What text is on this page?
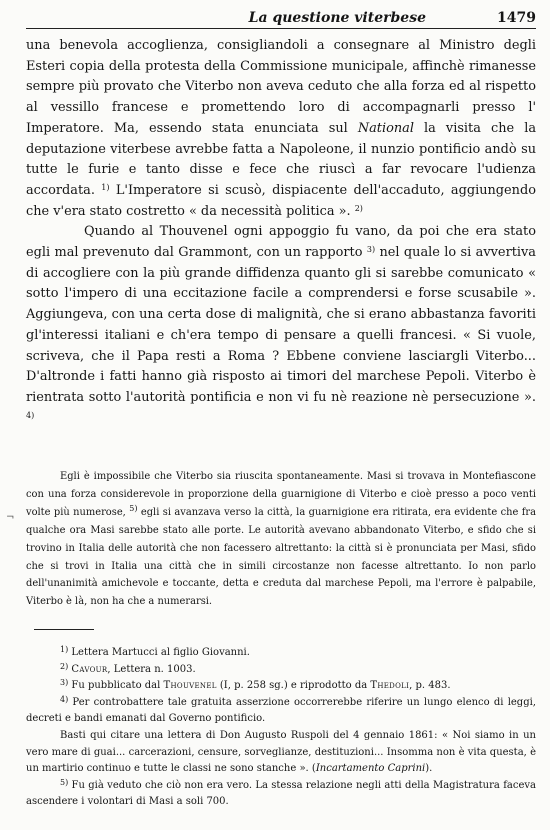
La questione viterbese	1479

una benevola accoglienza, consigliandoli a consegnare al Ministro degli Esteri copia della protesta della Commissione municipale, affinchè rimanesse sempre più provato che Viterbo non aveva ceduto che alla forza ed al rispetto al vessillo francese e promettendo loro di accompagnarli presso l' Imperatore. Ma, essendo stata enunciata sul National la visita che la deputazione viterbese avrebbe fatta a Napoleone, il nunzio pontificio andò su tutte le furie e tanto disse e fece che riuscì a far revocare l'udienza accordata. $^{1)}$ L'Imperatore si scusò, dispiacente dell'accaduto, aggiungendo che v'era stato costretto « da necessità politica ». $^{2)}$

Quando al Thouvenel ogni appoggio fu vano, da poi che era stato egli mal prevenuto dal Grammont, con un rapporto $^{3)}$ nel quale lo si avvertiva di accogliere con la più grande diffidenza quanto gli si sarebbe comunicato « sotto l'impero di una eccitazione facile a comprendersi e forse scusabile ». Aggiungeva, con una certa dose di malignità, che si erano abbastanza favoriti gl'interessi italiani e ch'era tempo di pensare a quelli francesi. « Si vuole, scriveva, che il Papa resti a Roma ? Ebbene conviene lasciargli Viterbo... D'altronde i fatti hanno già risposto ai timori del marchese Pepoli. Viterbo è rientrata sotto l'autorità pontificia e non vi fu nè reazione nè persecuzione ». $^{4)}$

¬

Egli è impossibile che Viterbo sia riuscita spontaneamente. Masi si trovava in Montefiascone con una forza considerevole in proporzione della guarnigione di Viterbo e cioè presso a poco venti volte più numerose, $^{5)}$ egli si avanzava verso la città, la guarnigione era ritirata, era evidente che fra qualche ora Masi sarebbe stato alle porte. Le autorità avevano abbandonato Viterbo, e sfido che si trovino in Italia delle autorità che non facessero altrettanto: la città si è pronunciata per Masi, sfido che si trovi in Italia una città che in simili circostanze non facesse altrettanto. Io non parlo dell'unanimità amichevole e toccante, detta e creduta dal marchese Pepoli, ma l'errore è palpabile, Viterbo è là, non ha che a numerarsi.

$^{1)}$ Lettera Martucci al figlio Giovanni.

$^{2)}$ Cavour, Lettera n. 1003.

$^{3)}$ Fu pubblicato dal Thouvenel (I, p. 258 sg.) e riprodotto da Thedoli, p. 483.

$^{4)}$ Per controbattere tale gratuita asserzione occorrerebbe riferire un lungo elenco di leggi, decreti e bandi emanati dal Governo pontificio.

Basti qui citare una lettera di Don Augusto Ruspoli del 4 gennaio 1861: « Noi siamo in un vero mare di guai... carcerazioni, censure, sorveglianze, destituzioni... Insomma non è vita questa, è un martirio continuo e tutte le classi ne sono stanche ». (Incartamento Caprini).

$^{5)}$ Fu già veduto che ciò non era vero. La stessa relazione negli atti della Magistratura faceva ascendere i volontari di Masi a soli 700.
